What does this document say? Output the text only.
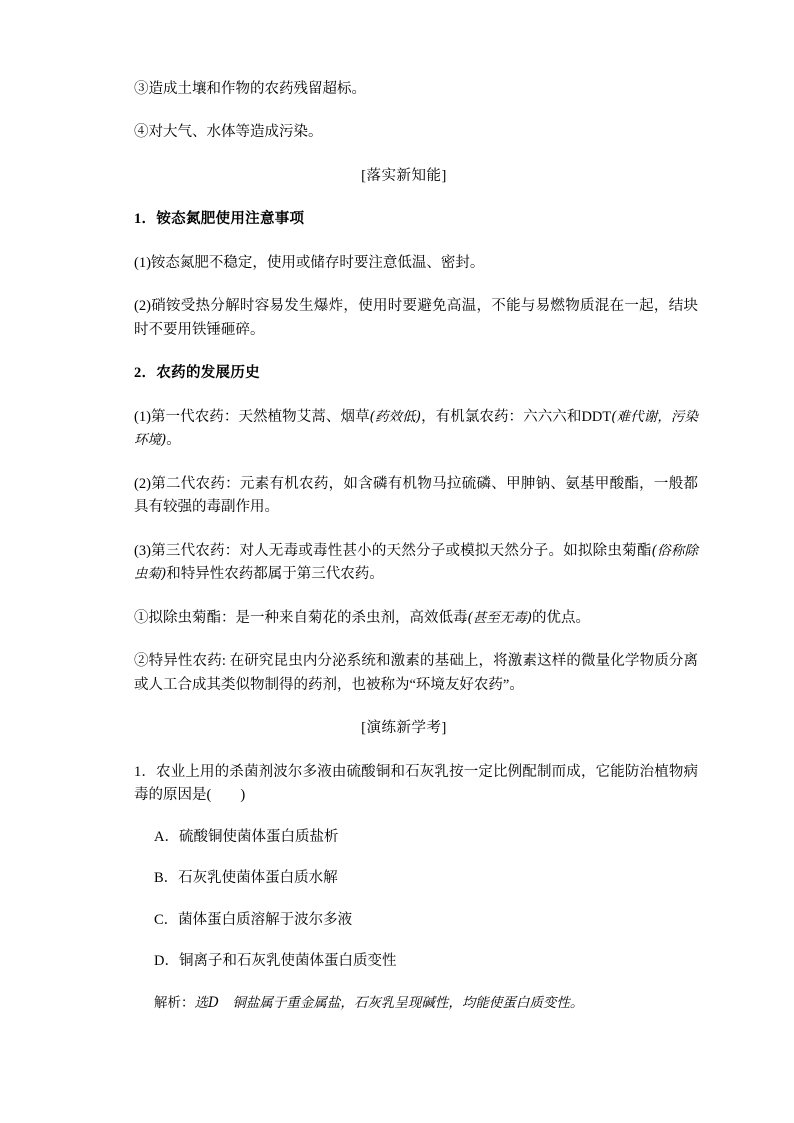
③造成土壤和作物的农药残留超标。

④对大气、水体等造成污染。

[落实新知能]

1．铵态氮肥使用注意事项

(1)铵态氮肥不稳定，使用或储存时要注意低温、密封。

(2)硝铵受热分解时容易发生爆炸，使用时要避免高温，不能与易燃物质混在一起，结块时不要用铁锤砸碎。

2．农药的发展历史

(1)第一代农药：天然植物艾蒿、烟草(药效低)，有机氯农药：六六六和DDT(难代谢，污染环境)。

(2)第二代农药：元素有机农药，如含磷有机物马拉硫磷、甲胂钠、氨基甲酸酯，一般都具有较强的毒副作用。

(3)第三代农药：对人无毒或毒性甚小的天然分子或模拟天然分子。如拟除虫菊酯(俗称除虫菊)和特异性农药都属于第三代农药。

①拟除虫菊酯：是一种来自菊花的杀虫剂，高效低毒(甚至无毒)的优点。

②特异性农药: 在研究昆虫内分泌系统和激素的基础上，将激素这样的微量化学物质分离或人工合成其类似物制得的药剂，也被称为“环境友好农药”。

[演练新学考]

1．农业上用的杀菌剂波尔多液由硫酸铜和石灰乳按一定比例配制而成，它能防治植物病毒的原因是(　　)

A．硫酸铜使菌体蛋白质盐析

B．石灰乳使菌体蛋白质水解

C．菌体蛋白质溶解于波尔多液

D．铜离子和石灰乳使菌体蛋白质变性

解析：选D　铜盐属于重金属盐，石灰乳呈现碱性，均能使蛋白质变性。
